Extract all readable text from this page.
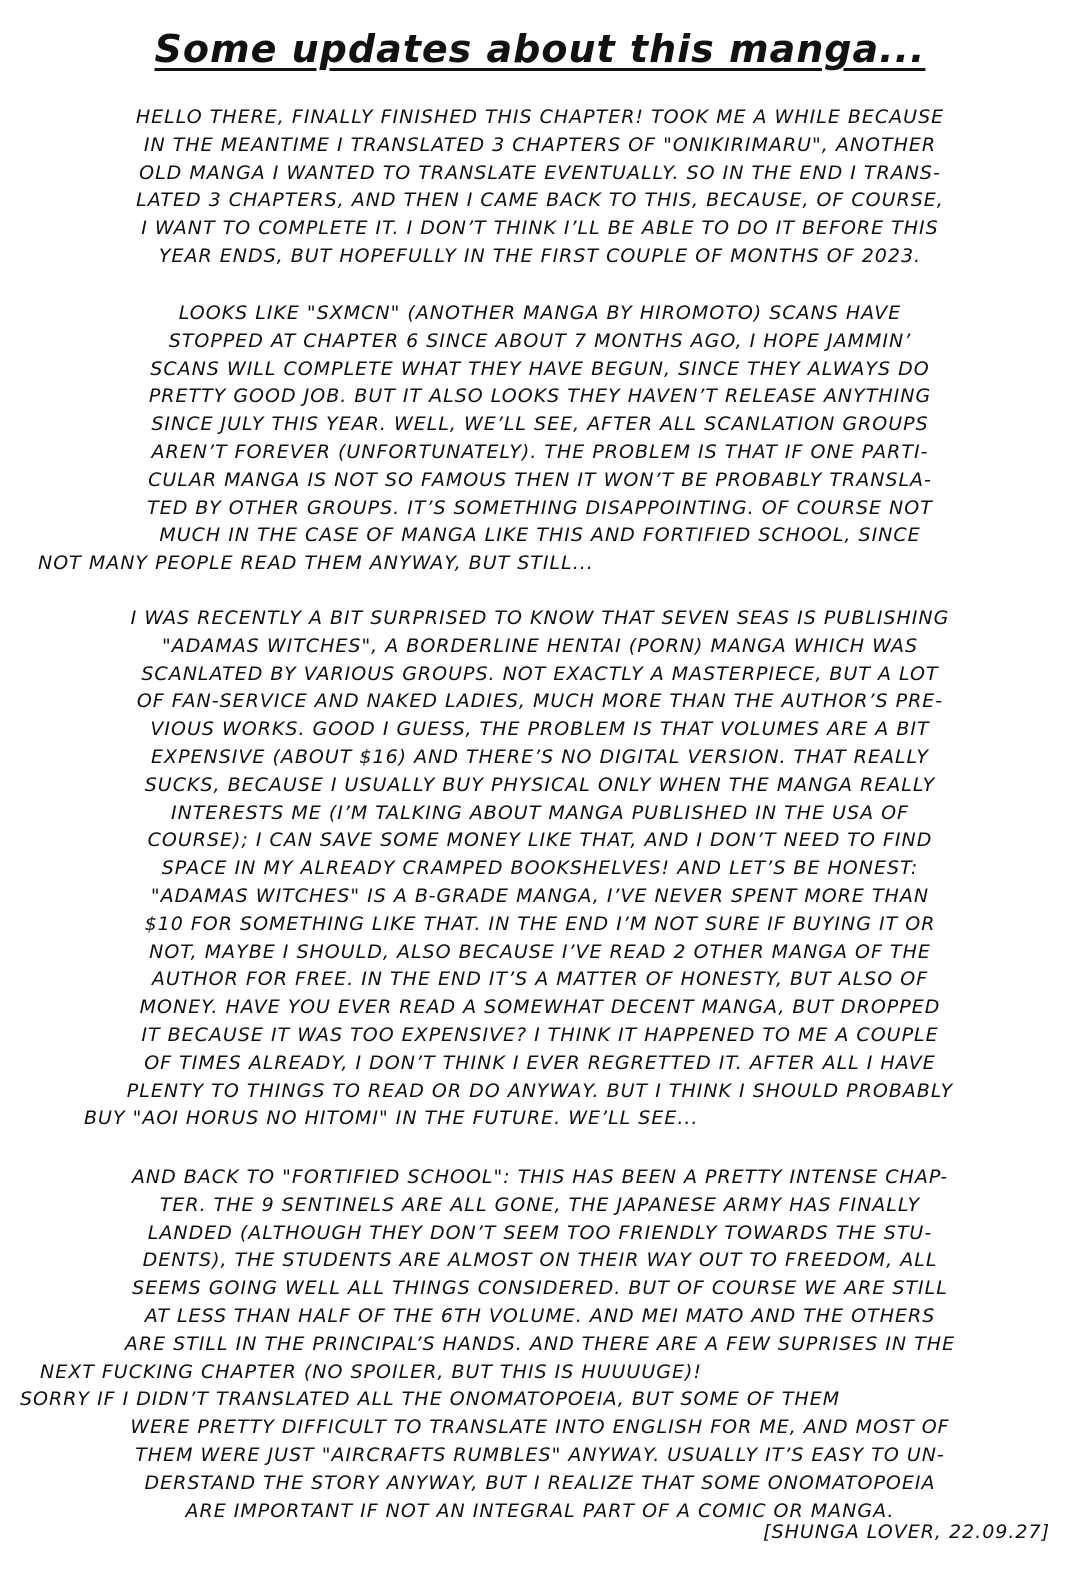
Some updates about this manga...

HELLO THERE, FINALLY FINISHED THIS CHAPTER! TOOK ME A WHILE BECAUSE
IN THE MEANTIME I TRANSLATED 3 CHAPTERS OF "ONIKIRIMARU", ANOTHER
OLD MANGA I WANTED TO TRANSLATE EVENTUALLY. SO IN THE END I TRANS-
LATED 3 CHAPTERS, AND THEN I CAME BACK TO THIS, BECAUSE, OF COURSE,
I WANT TO COMPLETE IT. I DON’T THINK I’LL BE ABLE TO DO IT BEFORE THIS
YEAR ENDS, BUT HOPEFULLY IN THE FIRST COUPLE OF MONTHS OF 2023.

LOOKS LIKE "SXMCN" (ANOTHER MANGA BY HIROMOTO) SCANS HAVE
STOPPED AT CHAPTER 6 SINCE ABOUT 7 MONTHS AGO, I HOPE JAMMIN’
SCANS WILL COMPLETE WHAT THEY HAVE BEGUN, SINCE THEY ALWAYS DO
PRETTY GOOD JOB. BUT IT ALSO LOOKS THEY HAVEN’T RELEASE ANYTHING
SINCE JULY THIS YEAR. WELL, WE’LL SEE, AFTER ALL SCANLATION GROUPS
AREN’T FOREVER (UNFORTUNATELY). THE PROBLEM IS THAT IF ONE PARTI-
CULAR MANGA IS NOT SO FAMOUS THEN IT WON’T BE PROBABLY TRANSLA-
TED BY OTHER GROUPS. IT’S SOMETHING DISAPPOINTING. OF COURSE NOT
MUCH IN THE CASE OF MANGA LIKE THIS AND FORTIFIED SCHOOL, SINCE
NOT MANY PEOPLE READ THEM ANYWAY, BUT STILL...

I WAS RECENTLY A BIT SURPRISED TO KNOW THAT SEVEN SEAS IS PUBLISHING
"ADAMAS WITCHES", A BORDERLINE HENTAI (PORN) MANGA WHICH WAS
SCANLATED BY VARIOUS GROUPS. NOT EXACTLY A MASTERPIECE, BUT A LOT
OF FAN-SERVICE AND NAKED LADIES, MUCH MORE THAN THE AUTHOR’S PRE-
VIOUS WORKS. GOOD I GUESS, THE PROBLEM IS THAT VOLUMES ARE A BIT
EXPENSIVE (ABOUT $16) AND THERE’S NO DIGITAL VERSION. THAT REALLY
SUCKS, BECAUSE I USUALLY BUY PHYSICAL ONLY WHEN THE MANGA REALLY
INTERESTS ME (I’M TALKING ABOUT MANGA PUBLISHED IN THE USA OF
COURSE); I CAN SAVE SOME MONEY LIKE THAT, AND I DON’T NEED TO FIND
SPACE IN MY ALREADY CRAMPED BOOKSHELVES! AND LET’S BE HONEST:
"ADAMAS WITCHES" IS A B-GRADE MANGA, I’VE NEVER SPENT MORE THAN
$10 FOR SOMETHING LIKE THAT. IN THE END I’M NOT SURE IF BUYING IT OR
NOT, MAYBE I SHOULD, ALSO BECAUSE I’VE READ 2 OTHER MANGA OF THE
AUTHOR FOR FREE. IN THE END IT’S A MATTER OF HONESTY, BUT ALSO OF
MONEY. HAVE YOU EVER READ A SOMEWHAT DECENT MANGA, BUT DROPPED
IT BECAUSE IT WAS TOO EXPENSIVE? I THINK IT HAPPENED TO ME A COUPLE
OF TIMES ALREADY, I DON’T THINK I EVER REGRETTED IT. AFTER ALL I HAVE
PLENTY TO THINGS TO READ OR DO ANYWAY. BUT I THINK I SHOULD PROBABLY
BUY "AOI HORUS NO HITOMI" IN THE FUTURE. WE’LL SEE...

AND BACK TO "FORTIFIED SCHOOL": THIS HAS BEEN A PRETTY INTENSE CHAP-
TER. THE 9 SENTINELS ARE ALL GONE, THE JAPANESE ARMY HAS FINALLY
LANDED (ALTHOUGH THEY DON’T SEEM TOO FRIENDLY TOWARDS THE STU-
DENTS), THE STUDENTS ARE ALMOST ON THEIR WAY OUT TO FREEDOM, ALL
SEEMS GOING WELL ALL THINGS CONSIDERED. BUT OF COURSE WE ARE STILL
AT LESS THAN HALF OF THE 6TH VOLUME. AND MEI MATO AND THE OTHERS
ARE STILL IN THE PRINCIPAL’S HANDS. AND THERE ARE A FEW SUPRISES IN THE
NEXT FUCKING CHAPTER (NO SPOILER, BUT THIS IS HUUUUGE)!
SORRY IF I DIDN’T TRANSLATED ALL THE ONOMATOPOEIA, BUT SOME OF THEM
WERE PRETTY DIFFICULT TO TRANSLATE INTO ENGLISH FOR ME, AND MOST OF
THEM WERE JUST "AIRCRAFTS RUMBLES" ANYWAY. USUALLY IT’S EASY TO UN-
DERSTAND THE STORY ANYWAY, BUT I REALIZE THAT SOME ONOMATOPOEIA
ARE IMPORTANT IF NOT AN INTEGRAL PART OF A COMIC OR MANGA.

[SHUNGA LOVER, 22.09.27]
